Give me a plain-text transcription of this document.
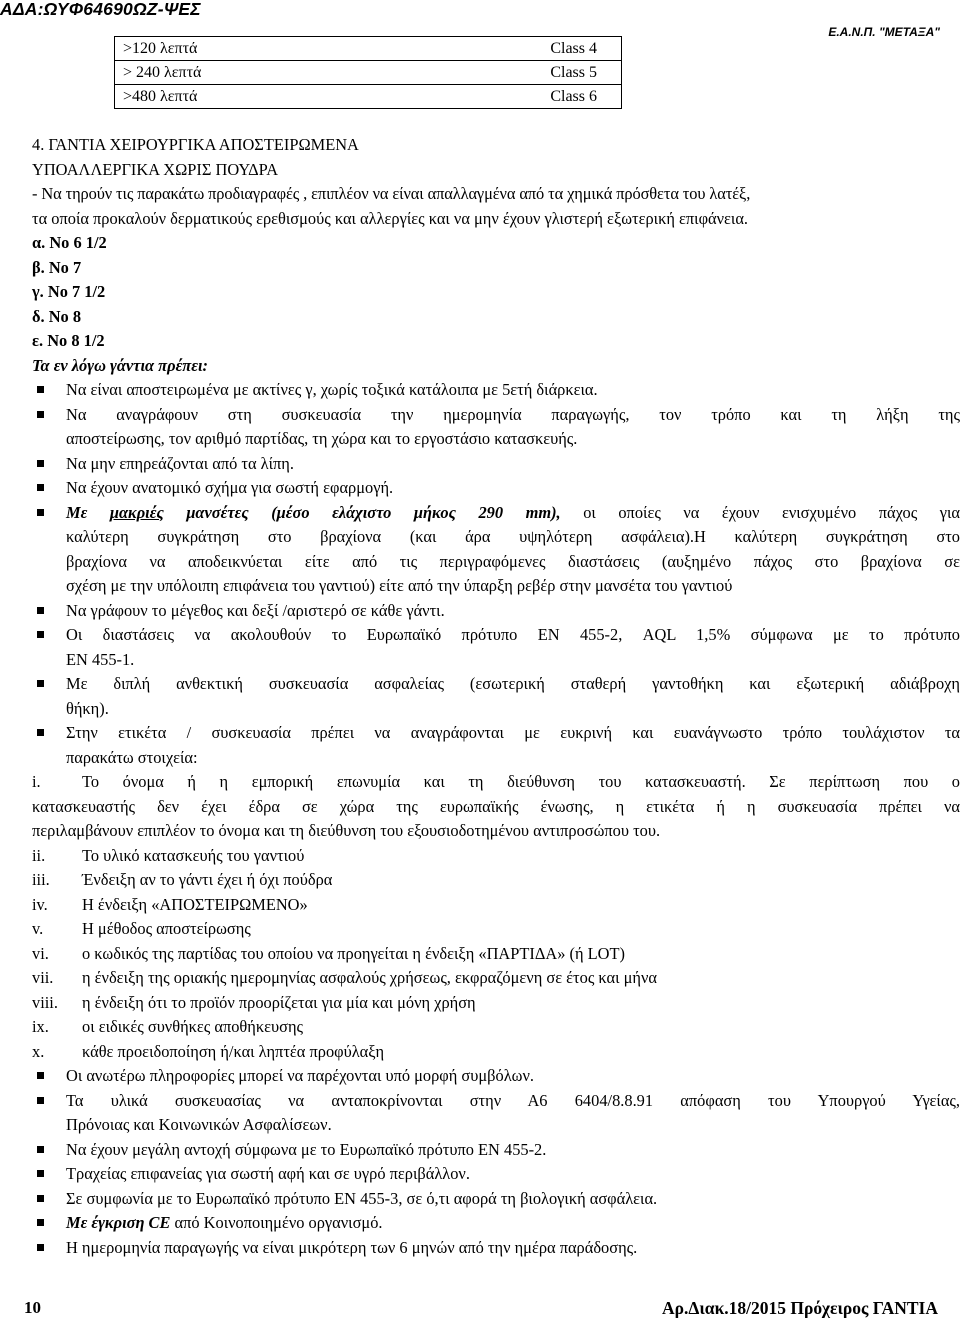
ΑΔΑ:ΩΥΦ64690ΩΖ-ΨΕΣ
Ε.Α.Ν.Π. "ΜΕΤΑΞΑ"
>120 λεπτά	Class 4
> 240 λεπτά	Class 5
>480 λεπτά	Class 6
4. ΓΑΝΤΙΑ ΧΕΙΡΟΥΡΓΙΚΑ ΑΠΟΣΤΕΙΡΩΜΕΝΑ
ΥΠΟΑΛΛΕΡΓΙΚΑ ΧΩΡΙΣ ΠΟΥΔΡΑ
- Να τηρούν τις παρακάτω προδιαγραφές , επιπλέον να είναι απαλλαγμένα από τα χημικά πρόσθετα του λατέξ,
τα οποία προκαλούν δερματικούς ερεθισμούς και αλλεργίες και να μην έχουν γλιστερή εξωτερική επιφάνεια.
α. Νο 6 1/2
β. Νο 7
γ. Νο 7 1/2
δ. Νο 8
ε. Νο 8 1/2
Τα εν λόγω γάντια πρέπει:
Να είναι αποστειρωμένα με ακτίνες γ, χωρίς τοξικά κατάλοιπα με 5ετή διάρκεια.
Να αναγράφουν στη συσκευασία την ημερομηνία παραγωγής, τον τρόπο και τη λήξη της
αποστείρωσης, τον αριθμό παρτίδας, τη χώρα και το εργοστάσιο κατασκευής.
Να μην επηρεάζονται από τα λίπη.
Να έχουν ανατομικό σχήμα για σωστή εφαρμογή.
Με μακριές μανσέτες (μέσο ελάχιστο μήκος 290 mm), οι οποίες να έχουν ενισχυμένο πάχος για
καλύτερη συγκράτηση στο βραχίονα (και άρα υψηλότερη ασφάλεια).Η καλύτερη συγκράτηση στο
βραχίονα να αποδεικνύεται είτε από τις περιγραφόμενες διαστάσεις (αυξημένο πάχος στο βραχίονα σε
σχέση με την υπόλοιπη επιφάνεια του γαντιού) είτε από την ύπαρξη ρεβέρ στην μανσέτα του γαντιού
Να γράφουν το μέγεθος και δεξί /αριστερό σε κάθε γάντι.
Οι διαστάσεις να ακολουθούν το Ευρωπαϊκό πρότυπο ΕΝ 455-2, AQL 1,5% σύμφωνα με το πρότυπο
ΕΝ 455-1.
Με διπλή ανθεκτική συσκευασία ασφαλείας (εσωτερική σταθερή γαντοθήκη και εξωτερική αδιάβροχη
θήκη).
Στην ετικέτα / συσκευασία πρέπει να αναγράφονται με ευκρινή και ευανάγνωστο τρόπο τουλάχιστον τα
παρακάτω στοιχεία:
i.	Το όνομα ή η εμπορική επωνυμία και τη διεύθυνση του κατασκευαστή. Σε περίπτωση που ο
κατασκευαστής δεν έχει έδρα σε χώρα της ευρωπαϊκής ένωσης, η ετικέτα ή η συσκευασία πρέπει να
περιλαμβάνουν επιπλέον το όνομα και τη διεύθυνση του εξουσιοδοτημένου αντιπροσώπου του.
ii. Το υλικό κατασκευής του γαντιού
iii. Ένδειξη αν το γάντι έχει ή όχι πούδρα
iv. Η ένδειξη «ΑΠΟΣΤΕΙΡΩΜΕΝΟ»
v. Η μέθοδος αποστείρωσης
vi. ο κωδικός της παρτίδας του οποίου να προηγείται η ένδειξη «ΠΑΡΤΙΔΑ» (ή LOT)
vii. η ένδειξη της οριακής ημερομηνίας ασφαλούς χρήσεως, εκφραζόμενη σε έτος και μήνα
viii. η ένδειξη ότι το προϊόν προορίζεται για μία και μόνη χρήση
ix. οι ειδικές συνθήκες αποθήκευσης
x. κάθε προειδοποίηση ή/και ληπτέα προφύλαξη
Οι ανωτέρω πληροφορίες μπορεί να παρέχονται υπό μορφή συμβόλων.
Τα υλικά συσκευασίας να ανταποκρίνονται στην Α6 6404/8.8.91 απόφαση του Υπουργού Υγείας,
Πρόνοιας και Κοινωνικών Ασφαλίσεων.
Να έχουν μεγάλη αντοχή σύμφωνα με το Ευρωπαϊκό πρότυπο ΕΝ 455-2.
Τραχείας επιφανείας για σωστή αφή και σε υγρό περιβάλλον.
Σε συμφωνία με το Ευρωπαϊκό πρότυπο ΕΝ 455-3, σε ό,τι αφορά τη βιολογική ασφάλεια.
Με έγκριση CE από Κοινοποιημένο οργανισμό.
Η ημερομηνία παραγωγής να είναι μικρότερη των 6 μηνών από την ημέρα παράδοσης.
10	Αρ.Διακ.18/2015 Πρόχειρος ΓΑΝΤΙΑ
